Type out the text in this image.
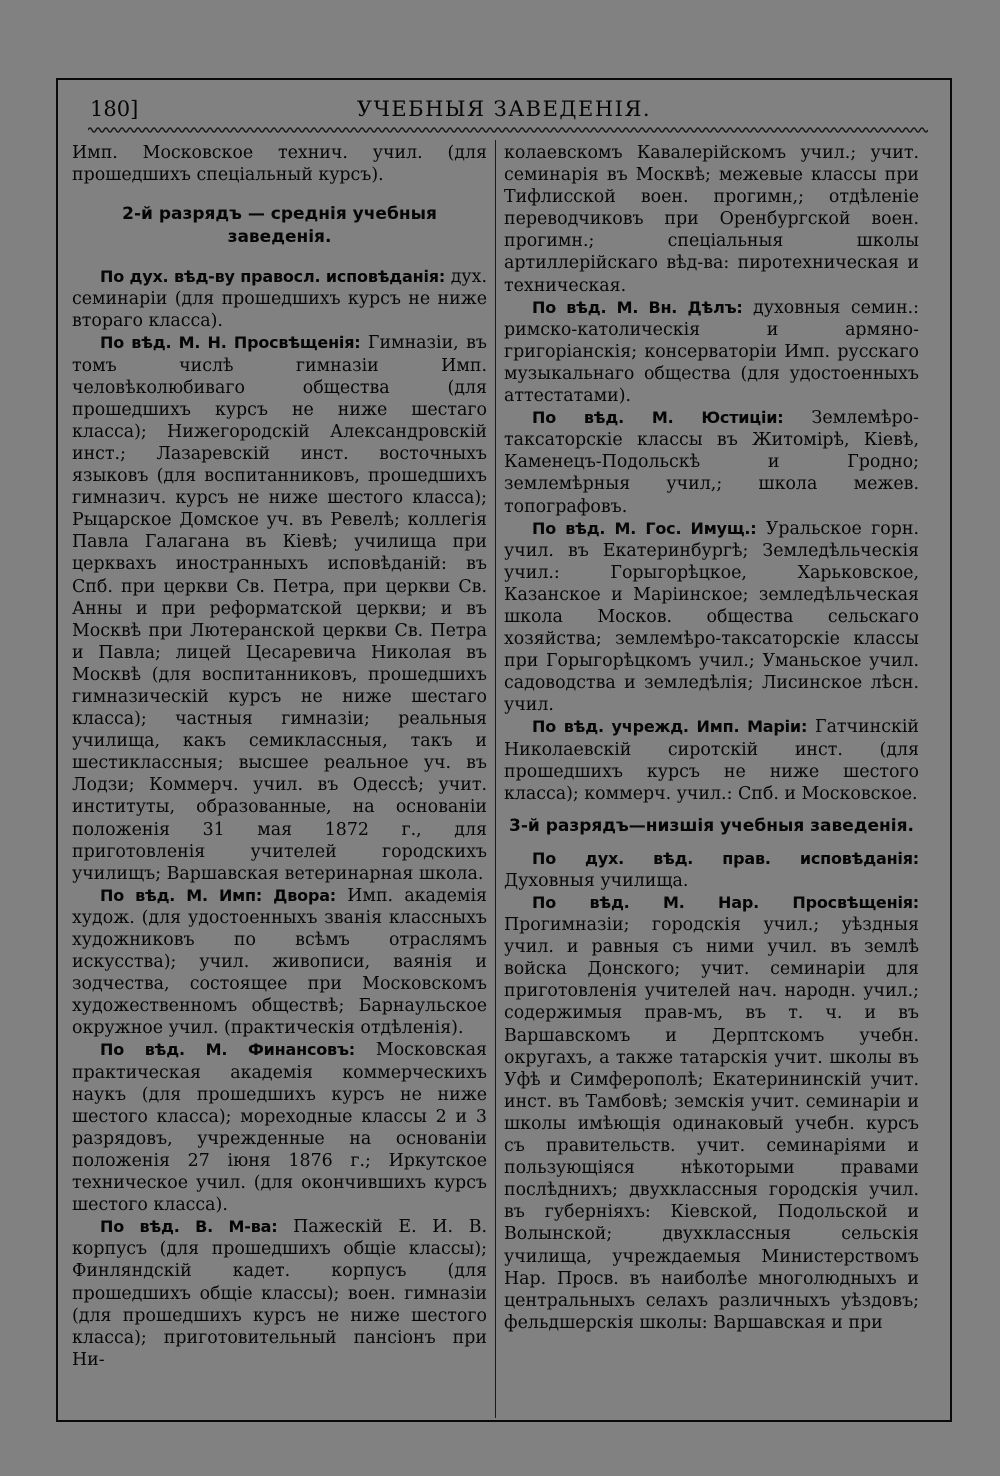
180]	УЧЕБНЫЯ ЗАВЕДЕНІЯ.

Имп. Московское технич. учил. (для прошедшихъ спеціальный курсъ).

2-й разрядъ — среднія учебныя заведенія.

По дух. вѣд-ву правосл. исповѣданія: дух. семинаріи (для прошедшихъ курсъ не ниже втораго класса).

По вѣд. М. Н. Просвѣщенія: Гимназіи, въ томъ числѣ гимназіи Имп. человѣколюбиваго общества (для прошедшихъ курсъ не ниже шестаго класса); Нижегородскій Александровскій инст.; Лазаревскій инст. восточныхъ языковъ (для воспитанниковъ, прошедшихъ гимназич. курсъ не ниже шестого класса); Рыцарское Домское уч. въ Ревелѣ; коллегія Павла Галагана въ Кіевѣ; училища при церквахъ иностранныхъ исповѣданій: въ Спб. при церкви Св. Петра, при церкви Св. Анны и при реформатской церкви; и въ Москвѣ при Лютеранской церкви Св. Петра и Павла; лицей Цесаревича Николая въ Москвѣ (для воспитанниковъ, прошедшихъ гимназическій курсъ не ниже шестаго класса); частныя гимназіи; реальныя училища, какъ семиклассныя, такъ и шестиклассныя; высшее реальное уч. въ Лодзи; Коммерч. учил. въ Одессѣ; учит. институты, образованные, на основаніи положенія 31 мая 1872 г., для приготовленія учителей городскихъ училищъ; Варшавская ветеринарная школа.

По вѣд. М. Имп: Двора: Имп. академія худож. (для удостоенныхъ званія классныхъ художниковъ по всѣмъ отраслямъ искусства); учил. живописи, ваянія и зодчества, состоящее при Московскомъ художественномъ обществѣ; Барнаульское окружное учил. (практическія отдѣленія).

По вѣд. М. Финансовъ: Московская практическая академія коммерческихъ наукъ (для прошедшихъ курсъ не ниже шестого класса); мореходные классы 2 и 3 разрядовъ, учрежденные на основаніи положенія 27 іюня 1876 г.; Иркутское техническое учил. (для окончившихъ курсъ шестого класса).

По вѣд. В. М-ва: Пажескій Е. И. В. корпусъ (для прошедшихъ общіе классы); Финляндскій кадет. корпусъ (для прошедшихъ общіе классы); воен. гимназіи (для прошедшихъ курсъ не ниже шестого класса); приготовительный пансіонъ при Ни-

колаевскомъ Кавалерійскомъ учил.; учит. семинарія въ Москвѣ; межевые классы при Тифлисской воен. прогимн,; отдѣленіе переводчиковъ при Оренбургской воен. прогимн.; спеціальныя школы артиллерійскаго вѣд-ва: пиротехническая и техническая.

По вѣд. М. Вн. Дѣлъ: духовныя семин.: римско-католическія и армяно-григоріанскія; консерваторіи Имп. русскаго музыкальнаго общества (для удостоенныхъ аттестатами).

По вѣд. М. Юстиціи: Землемѣро-таксаторскіе классы въ Житомірѣ, Кіевѣ, Каменецъ-Подольскѣ и Гродно; землемѣрныя учил,; школа межев. топографовъ.

По вѣд. М. Гос. Имущ.: Уральское горн. учил. въ Екатеринбургѣ; Земледѣльческія учил.: Горыгорѣцкое, Харьковское, Казанское и Маріинское; земледѣльческая школа Москов. общества сельскаго хозяйства; землемѣро-таксаторскіе классы при Горыгорѣцкомъ учил.; Уманьское учил. садоводства и земледѣлія; Лисинское лѣсн. учил.

По вѣд. учрежд. Имп. Маріи: Гатчинскій Николаевскій сиротскій инст. (для прошедшихъ курсъ не ниже шестого класса); коммерч. учил.: Спб. и Московское.

3-й разрядъ—низшія учебныя заведенія.

По дух. вѣд. прав. исповѣданія: Духовныя училища.

По вѣд. М. Нар. Просвѣщенія: Прогимназіи; городскія учил.; уѣздныя учил. и равныя съ ними учил. въ землѣ войска Донского; учит. семинаріи для приготовленія учителей нач. народн. учил.; содержимыя прав-мъ, въ т. ч. и въ Варшавскомъ и Дерптскомъ учебн. округахъ, а также татарскія учит. школы въ Уфѣ и Симферополѣ; Екатерининскій учит. инст. въ Тамбовѣ; земскія учит. семинаріи и школы имѣющія одинаковый учебн. курсъ съ правительств. учит. семинаріями и пользующіяся нѣкоторыми правами послѣднихъ; двухклассныя городскія учил. въ губерніяхъ: Кіевской, Подольской и Волынской; двухклассныя сельскія училища, учреждаемыя Министерствомъ Нар. Просв. въ наиболѣе многолюдныхъ и центральныхъ селахъ различныхъ уѣздовъ; фельдшерскія школы: Варшавская и при
